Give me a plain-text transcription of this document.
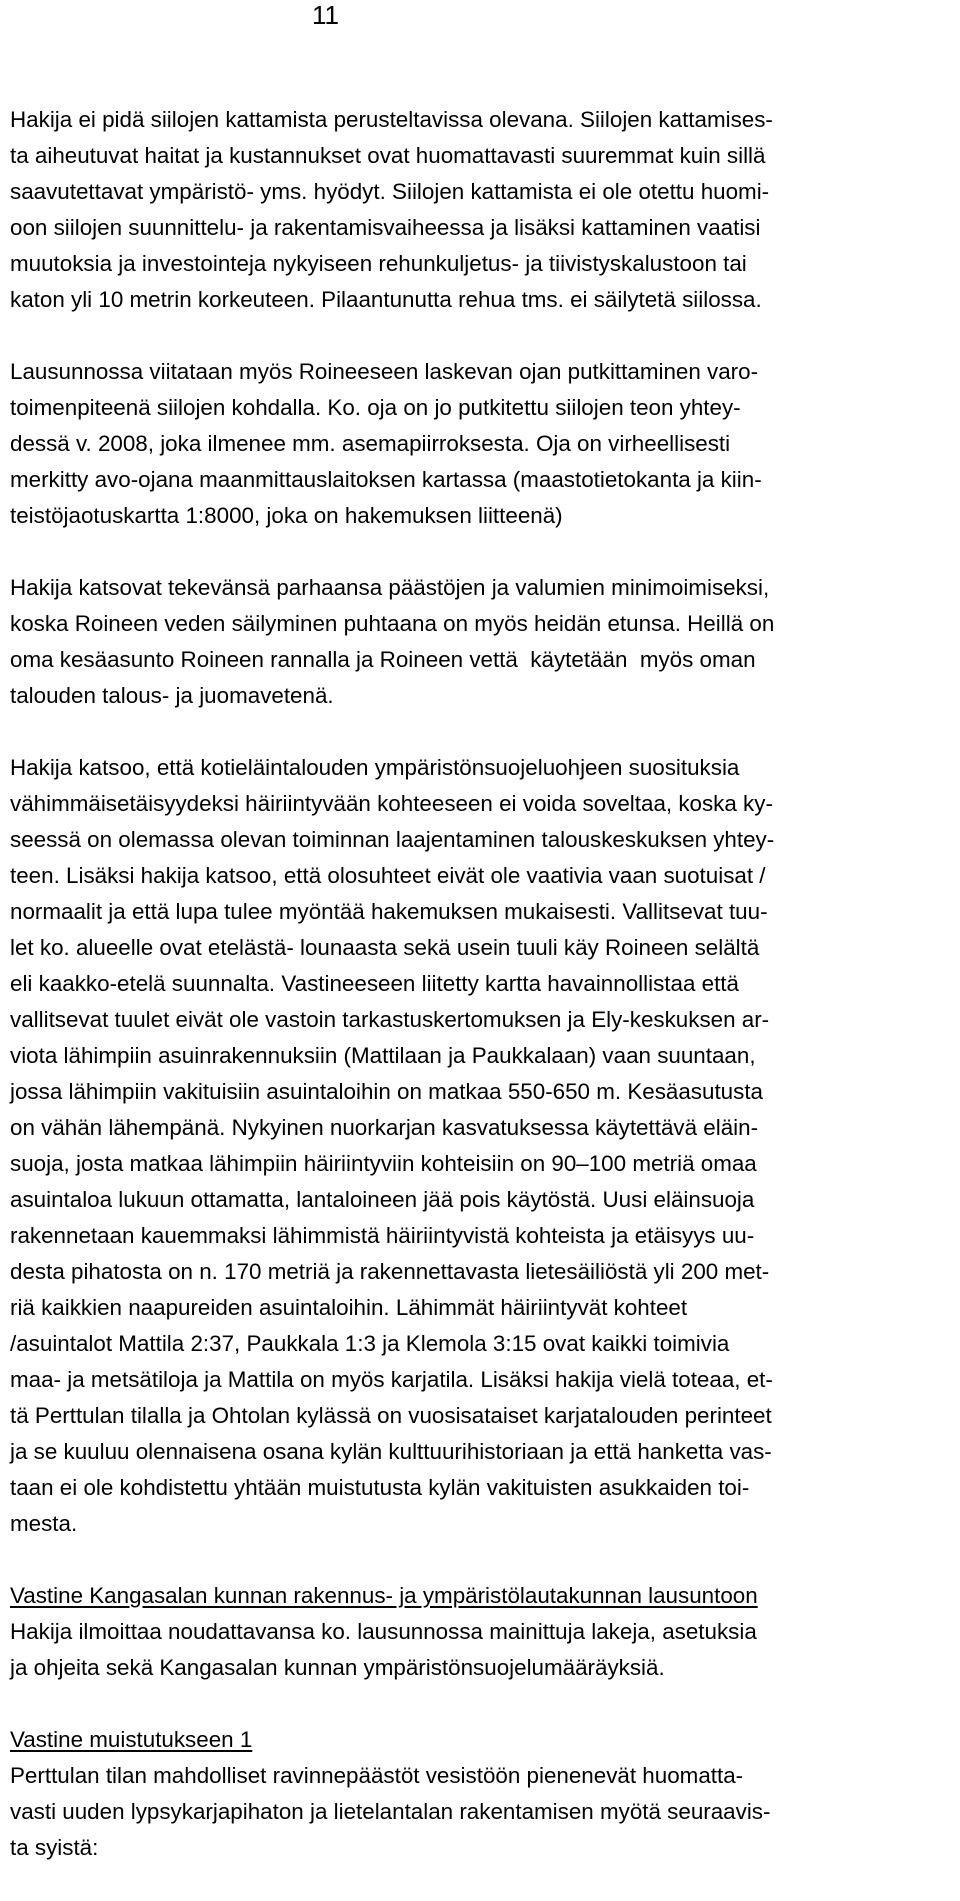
11
Hakija ei pidä siilojen kattamista perusteltavissa olevana. Siilojen kattamises-
ta aiheutuvat haitat ja kustannukset ovat huomattavasti suuremmat kuin sillä
saavutettavat ympäristö- yms. hyödyt. Siilojen kattamista ei ole otettu huomi-
oon siilojen suunnittelu- ja rakentamisvaiheessa ja lisäksi kattaminen vaatisi
muutoksia ja investointeja nykyiseen rehunkuljetus- ja tiivistyskalustoon tai
katon yli 10 metrin korkeuteen. Pilaantunutta rehua tms. ei säilytetä siilossa.
Lausunnossa viitataan myös Roineeseen laskevan ojan putkittaminen varo-
toimenpiteenä siilojen kohdalla. Ko. oja on jo putkitettu siilojen teon yhtey-
dessä v. 2008, joka ilmenee mm. asemapiirroksesta. Oja on virheellisesti
merkitty avo-ojana maanmittauslaitoksen kartassa (maastotietokanta ja kiin-
teistöjaotuskartta 1:8000, joka on hakemuksen liitteenä)
Hakija katsovat tekevänsä parhaansa päästöjen ja valumien minimoimiseksi,
koska Roineen veden säilyminen puhtaana on myös heidän etunsa. Heillä on
oma kesäasunto Roineen rannalla ja Roineen vettä  käytetään  myös oman
talouden talous- ja juomavetenä.
Hakija katsoo, että kotieläintalouden ympäristönsuojeluohjeen suosituksia
vähimmäisetäisyydeksi häiriintyvään kohteeseen ei voida soveltaa, koska ky-
seessä on olemassa olevan toiminnan laajentaminen talouskeskuksen yhtey-
teen. Lisäksi hakija katsoo, että olosuhteet eivät ole vaativia vaan suotuisat /
normaalit ja että lupa tulee myöntää hakemuksen mukaisesti. Vallitsevat tuu-
let ko. alueelle ovat etelästä- lounaasta sekä usein tuuli käy Roineen selältä
eli kaakko-etelä suunnalta. Vastineeseen liitetty kartta havainnollistaa että
vallitsevat tuulet eivät ole vastoin tarkastuskertomuksen ja Ely-keskuksen ar-
viota lähimpiin asuinrakennuksiin (Mattilaan ja Paukkalaan) vaan suuntaan,
jossa lähimpiin vakituisiin asuintaloihin on matkaa 550-650 m. Kesäasutusta
on vähän lähempänä. Nykyinen nuorkarjan kasvatuksessa käytettävä eläin-
suoja, josta matkaa lähimpiin häiriintyviin kohteisiin on 90–100 metriä omaa
asuintaloa lukuun ottamatta, lantaloineen jää pois käytöstä. Uusi eläinsuoja
rakennetaan kauemmaksi lähimmistä häiriintyvistä kohteista ja etäisyys uu-
desta pihatosta on n. 170 metriä ja rakennettavasta lietesäiliöstä yli 200 met-
riä kaikkien naapureiden asuintaloihin. Lähimmät häiriintyvät kohteet
/asuintalot Mattila 2:37, Paukkala 1:3 ja Klemola 3:15 ovat kaikki toimivia
maa- ja metsätiloja ja Mattila on myös karjatila. Lisäksi hakija vielä toteaa, et-
tä Perttulan tilalla ja Ohtolan kylässä on vuosisataiset karjatalouden perinteet
ja se kuuluu olennaisena osana kylän kulttuurihistoriaan ja että hanketta vas-
taan ei ole kohdistettu yhtään muistutusta kylän vakituisten asukkaiden toi-
mesta.
Vastine Kangasalan kunnan rakennus- ja ympäristölautakunnan lausuntoon
Hakija ilmoittaa noudattavansa ko. lausunnossa mainittuja lakeja, asetuksia
ja ohjeita sekä Kangasalan kunnan ympäristönsuojelumääräyksiä.
Vastine muistutukseen 1
Perttulan tilan mahdolliset ravinnepäästöt vesistöön pienenevät huomatta-
vasti uuden lypsykarjapihaton ja lietelantalan rakentamisen myötä seuraavis-
ta syistä:
